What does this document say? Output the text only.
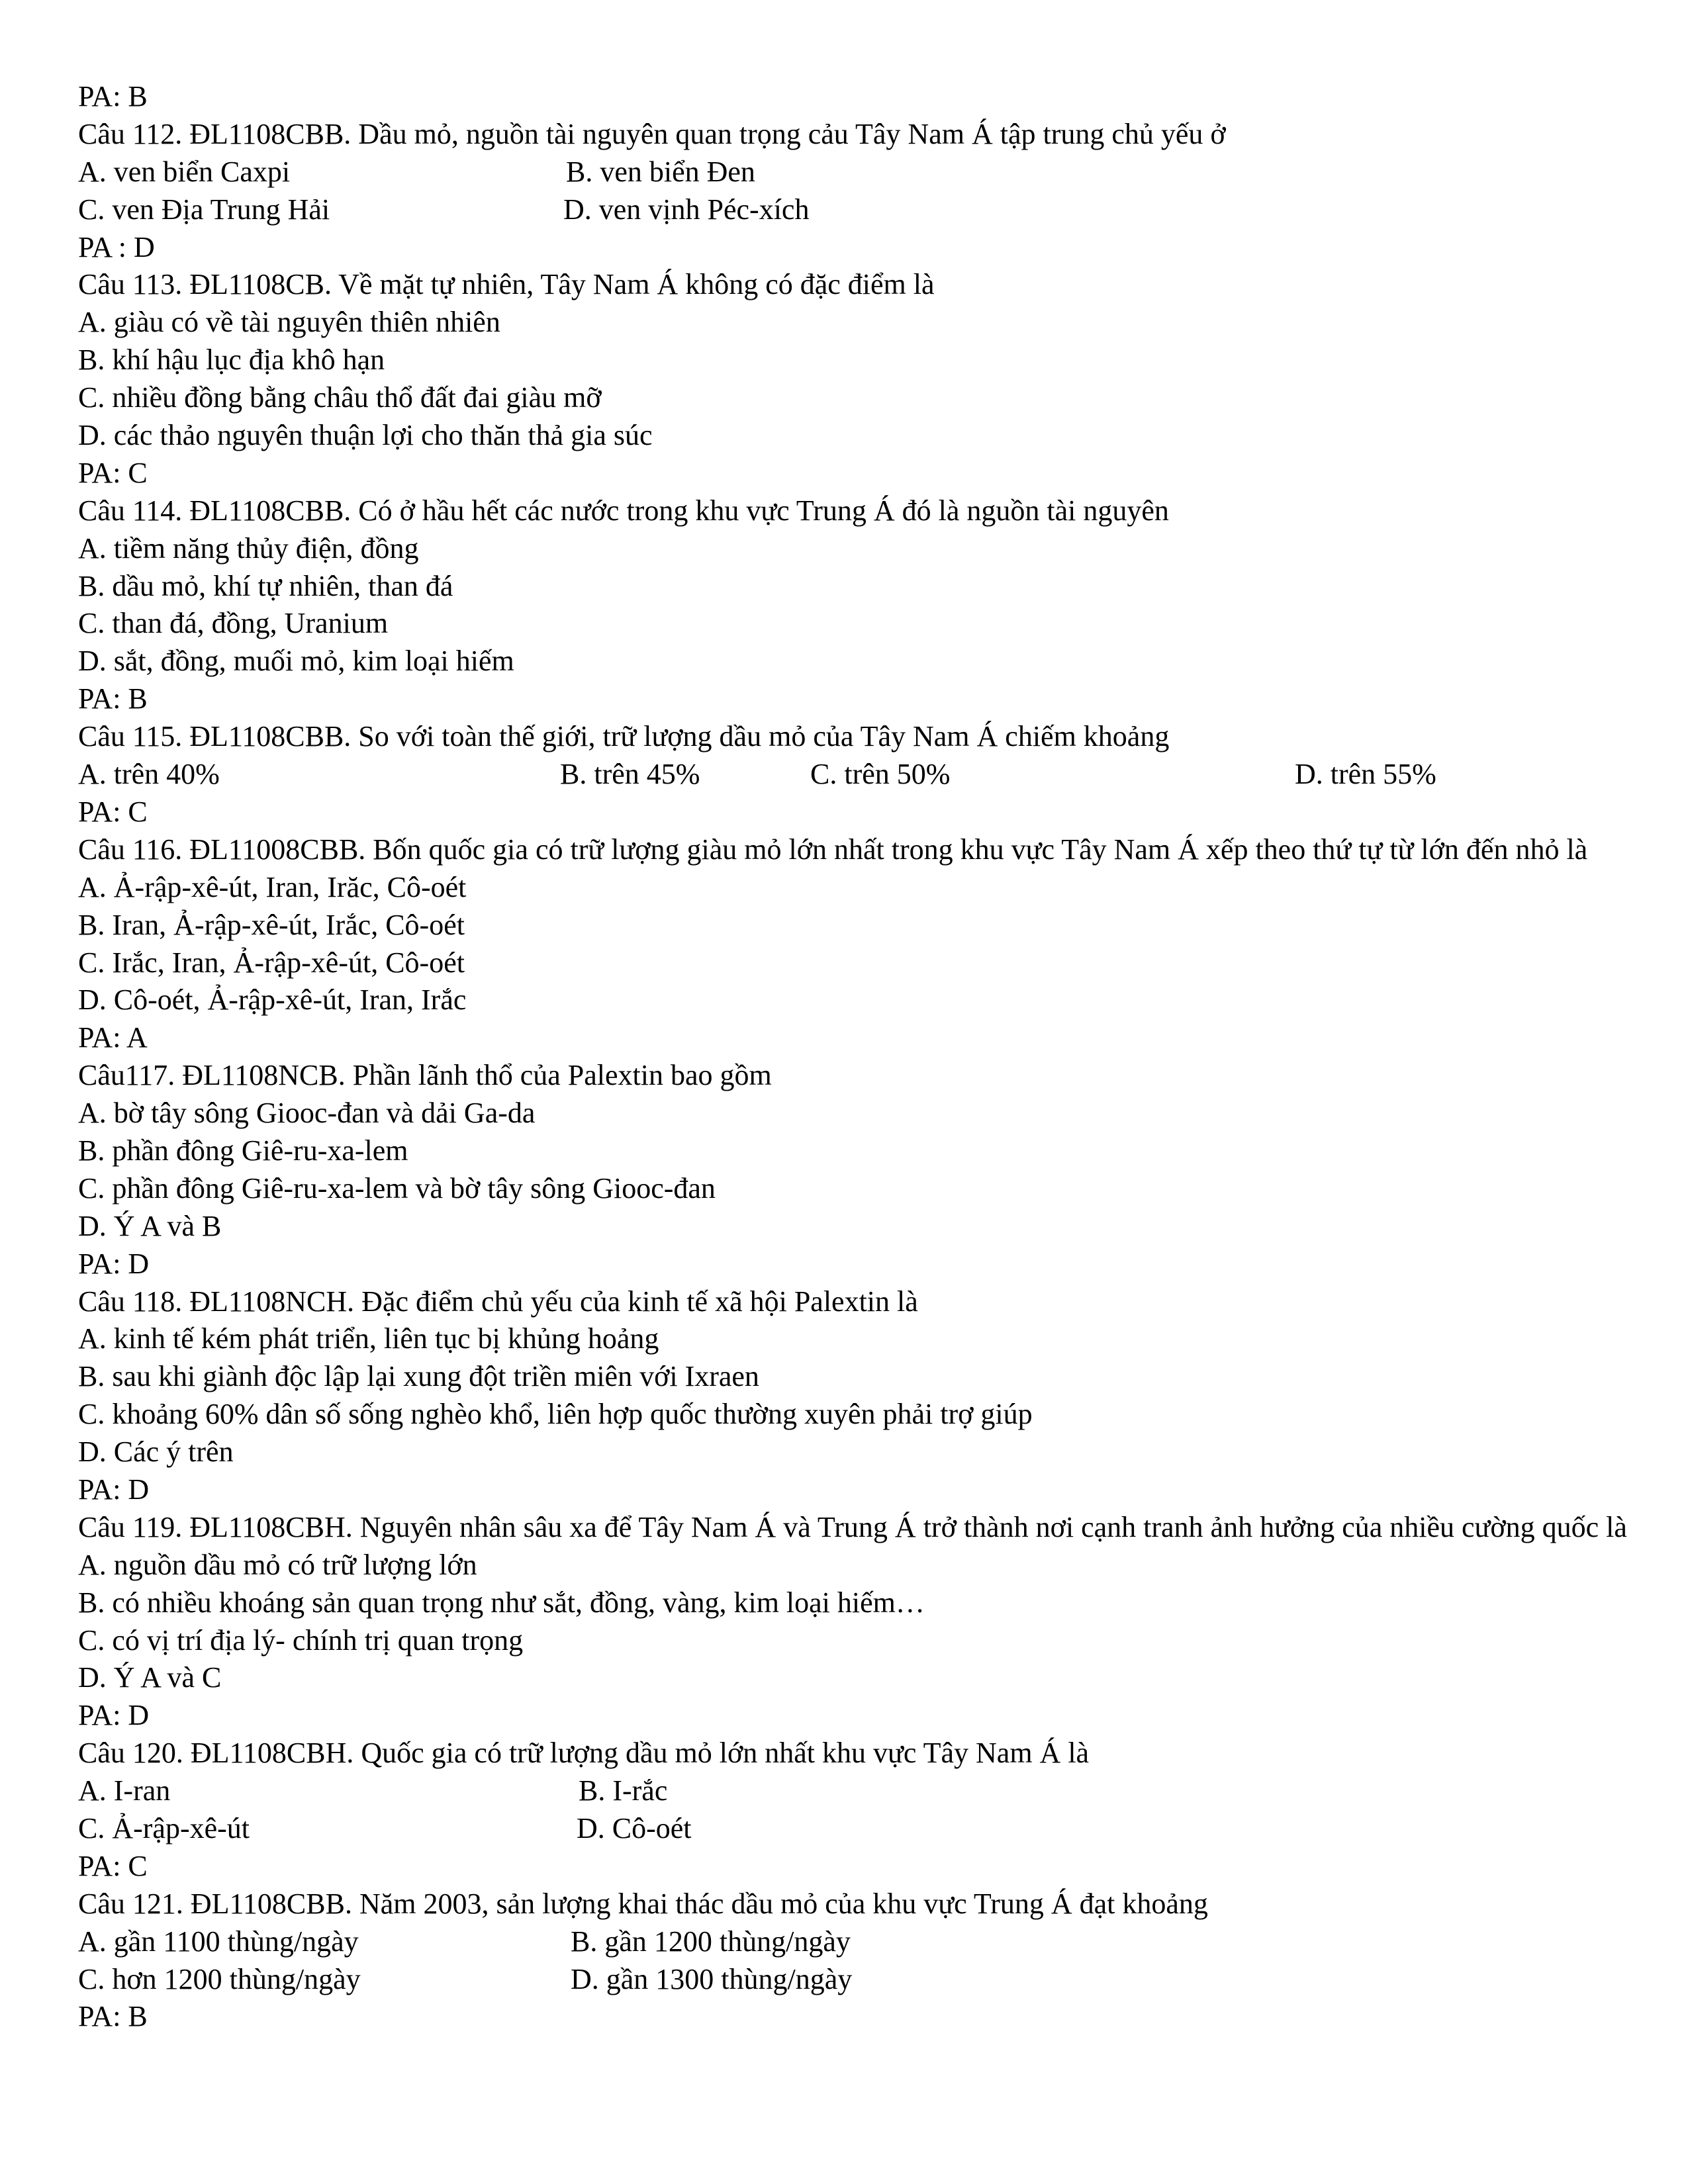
PA: B
Câu 112. ĐL1108CBB. Dầu mỏ, nguồn tài nguyên quan trọng cảu Tây Nam Á tập trung chủ yếu ở
A. ven biển Caxpi	B. ven biển Đen
C. ven Địa Trung Hải	D. ven vịnh Péc-xích
PA : D
Câu 113. ĐL1108CB. Về mặt tự nhiên, Tây Nam Á không có đặc điểm là
A. giàu có về tài nguyên thiên nhiên
B. khí hậu lục địa khô hạn
C. nhiều đồng bằng châu thổ đất đai giàu mỡ
D. các thảo nguyên thuận lợi cho thăn thả gia súc
PA: C
Câu 114. ĐL1108CBB. Có ở hầu hết các nước trong khu vực Trung Á đó là nguồn tài nguyên
A. tiềm năng thủy điện, đồng
B. dầu mỏ, khí tự nhiên, than đá
C. than đá, đồng, Uranium
D. sắt, đồng, muối mỏ, kim loại hiếm
PA: B
Câu 115. ĐL1108CBB. So với toàn thế giới, trữ lượng dầu mỏ của Tây Nam Á chiếm khoảng
A. trên 40%	B. trên 45%	C. trên 50%	D. trên 55%
PA: C
Câu 116. ĐL11008CBB. Bốn quốc gia có trữ lượng giàu mỏ lớn nhất trong khu vực Tây Nam Á xếp theo thứ tự từ lớn đến nhỏ là
A. Ả-rập-xê-út, Iran, Irăc, Cô-oét
B. Iran, Ả-rập-xê-út, Irắc, Cô-oét
C. Irắc, Iran, Ả-rập-xê-út, Cô-oét
D. Cô-oét, Ả-rập-xê-út, Iran, Irắc
PA: A
Câu117. ĐL1108NCB. Phần lãnh thổ của Palextin bao gồm
A. bờ tây sông Giooc-đan và dải Ga-da
B. phần đông Giê-ru-xa-lem
C. phần đông Giê-ru-xa-lem và bờ tây sông Giooc-đan
D. Ý A và B
PA: D
Câu 118. ĐL1108NCH. Đặc điểm chủ yếu của kinh tế xã hội Palextin là
A. kinh tế kém phát triển, liên tục bị khủng hoảng
B. sau khi giành độc lập lại xung đột triền miên với Ixraen
C. khoảng 60% dân số sống nghèo khổ, liên hợp quốc thường xuyên phải trợ giúp
D. Các ý trên
PA: D
Câu 119. ĐL1108CBH. Nguyên nhân sâu xa để Tây Nam Á và Trung Á trở thành nơi cạnh tranh ảnh hưởng của nhiều cường quốc là
A. nguồn dầu mỏ có trữ lượng lớn
B. có nhiều khoáng sản quan trọng như sắt, đồng, vàng, kim loại hiếm…
C. có vị trí địa lý- chính trị quan trọng
D. Ý A và C
PA: D
Câu 120. ĐL1108CBH. Quốc gia có trữ lượng dầu mỏ lớn nhất khu vực Tây Nam Á là
A. I-ran	B. I-rắc
C. Ả-rập-xê-út	D. Cô-oét
PA: C
Câu 121. ĐL1108CBB. Năm 2003, sản lượng khai thác dầu mỏ của khu vực Trung Á đạt khoảng
A. gần 1100 thùng/ngày	B. gần 1200 thùng/ngày
C. hơn 1200 thùng/ngày	D. gần 1300 thùng/ngày
PA: B
